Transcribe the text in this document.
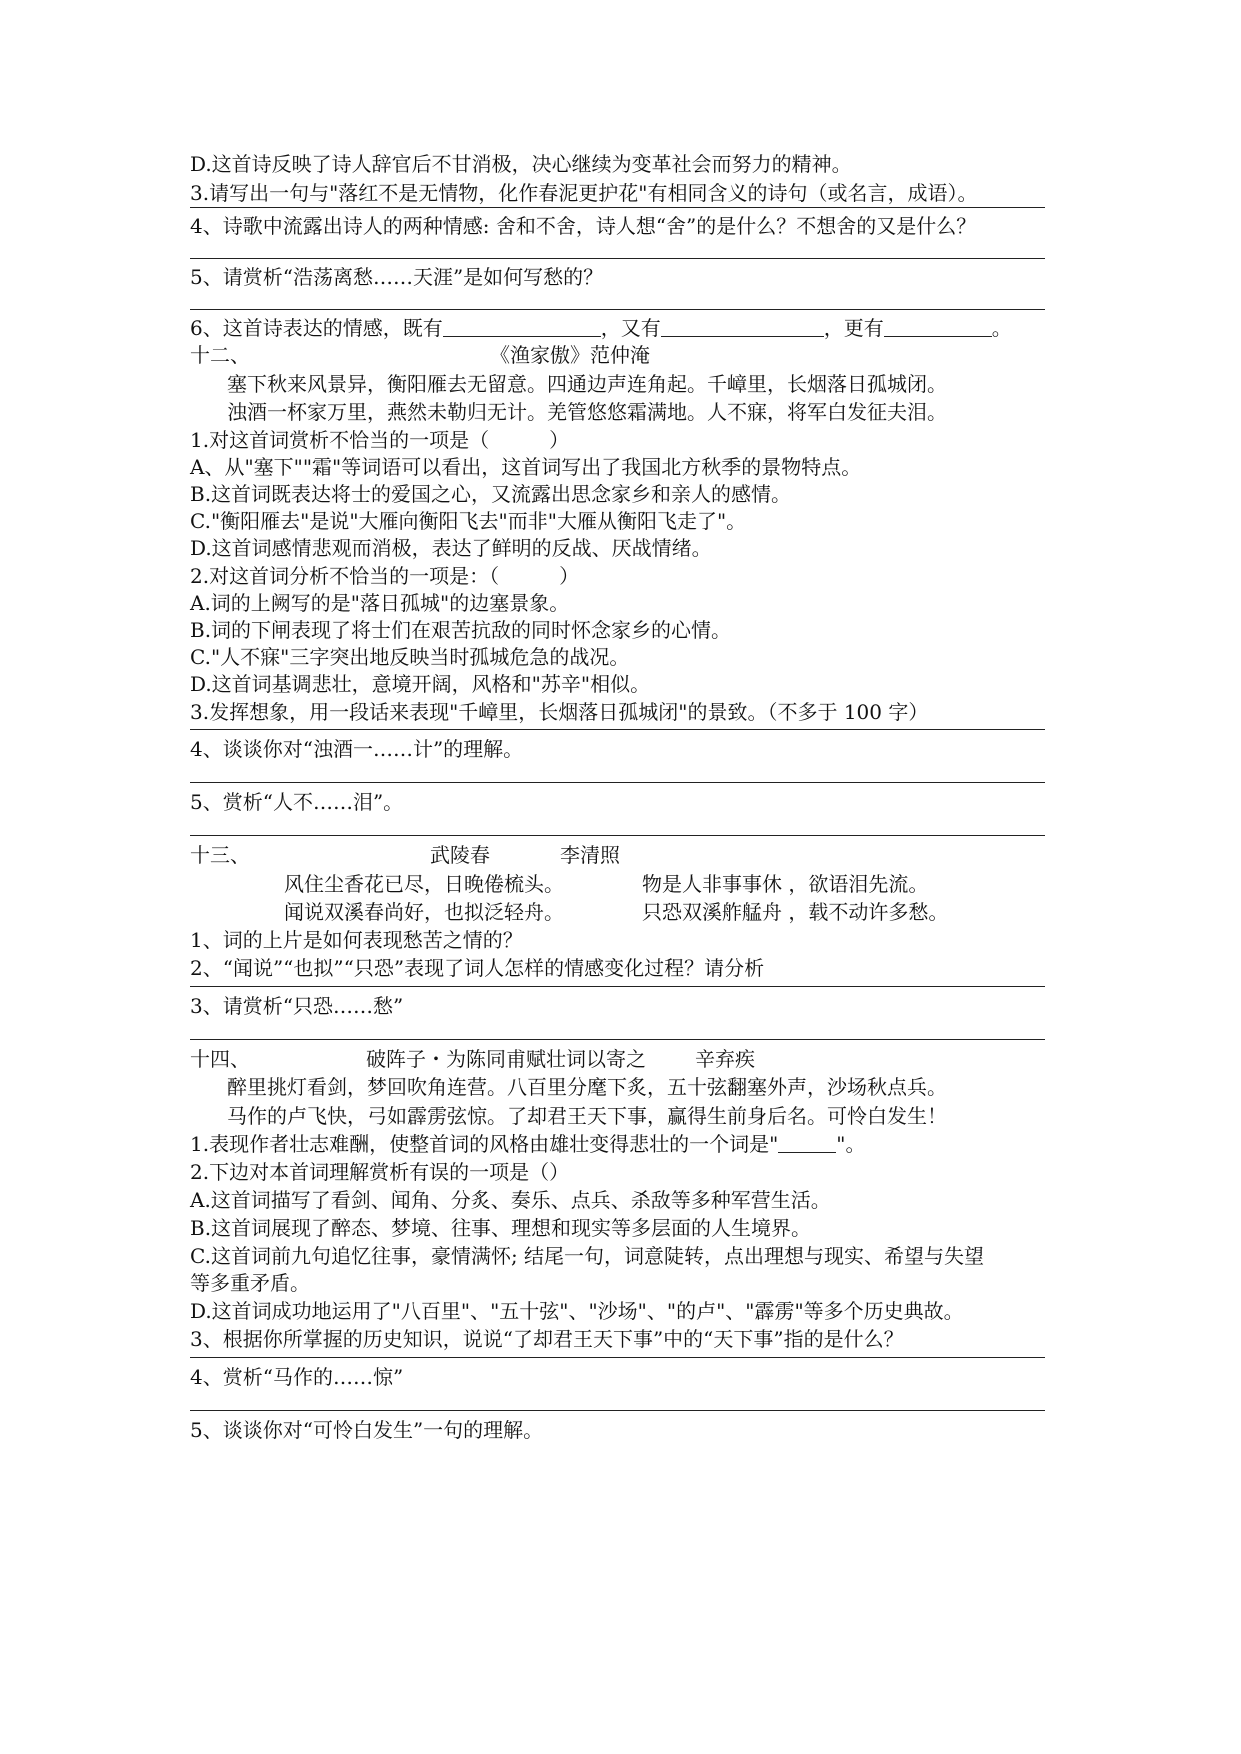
D.这首诗反映了诗人辞官后不甘消极，决心继续为变革社会而努力的精神。
3.请写出一句与"落红不是无情物，化作春泥更护花"有相同含义的诗句（或名言，成语）。
4、诗歌中流露出诗人的两种情感: 舍和不舍，诗人想“舍”的是什么？不想舍的又是什么？
5、请赏析“浩荡离愁……天涯”是如何写愁的？
6、这首诗表达的情感，既有	，又有	，更有	。
十二、	《渔家傲》范仲淹
塞下秋来风景异，衡阳雁去无留意。四通边声连角起。千嶂里，长烟落日孤城闭。
浊酒一杯家万里，燕然未勒归无计。羌管悠悠霜满地。人不寐，将军白发征夫泪。
1.对这首词赏析不恰当的一项是（　　　）
A、从"塞下""霜"等词语可以看出，这首词写出了我国北方秋季的景物特点。
B.这首词既表达将士的爱国之心，又流露出思念家乡和亲人的感情。
C."衡阳雁去"是说"大雁向衡阳飞去"而非"大雁从衡阳飞走了"。
D.这首词感情悲观而消极，表达了鲜明的反战、厌战情绪。
2.对这首词分析不恰当的一项是：（　　　）
A.词的上阙写的是"落日孤城"的边塞景象。
B.词的下闸表现了将士们在艰苦抗敌的同时怀念家乡的心情。
C."人不寐"三字突出地反映当时孤城危急的战况。
D.这首词基调悲壮，意境开阔，风格和"苏辛"相似。
3.发挥想象，用一段话来表现"千嶂里，长烟落日孤城闭"的景致。（不多于 100 字）
4、谈谈你对“浊酒一……计”的理解。
5、赏析“人不……泪”。
十三、	武陵春	李清照
风住尘香花已尽，日晚倦梳头。	物是人非事事休 ，欲语泪先流。
闻说双溪春尚好，也拟泛轻舟。	只恐双溪舴艋舟 ，载不动许多愁。
1、词的上片是如何表现愁苦之情的？
2、“闻说”“也拟”“只恐”表现了词人怎样的情感变化过程？请分析
3、请赏析“只恐……愁”
十四、	破阵子・为陈同甫赋壮词以寄之 辛弃疾
醉里挑灯看剑，梦回吹角连营。八百里分麾下炙，五十弦翻塞外声，沙场秋点兵。
马作的卢飞快，弓如霹雳弦惊。了却君王天下事，赢得生前身后名。可怜白发生！
1.表现作者壮志难酬，使整首词的风格由雄壮变得悲壮的一个词是"	"。
2.下边对本首词理解赏析有误的一项是（）
A.这首词描写了看剑、闻角、分炙、奏乐、点兵、杀敌等多种军营生活。
B.这首词展现了醉态、梦境、往事、理想和现实等多层面的人生境界。
C.这首词前九句追忆往事，豪情满怀; 结尾一句，词意陡转，点出理想与现实、希望与失望
等多重矛盾。
D.这首词成功地运用了"八百里"、"五十弦"、"沙场"、"的卢"、"霹雳"等多个历史典故。
3、根据你所掌握的历史知识，说说“了却君王天下事”中的“天下事”指的是什么？
4、赏析“马作的……惊”
5、谈谈你对“可怜白发生”一句的理解。
